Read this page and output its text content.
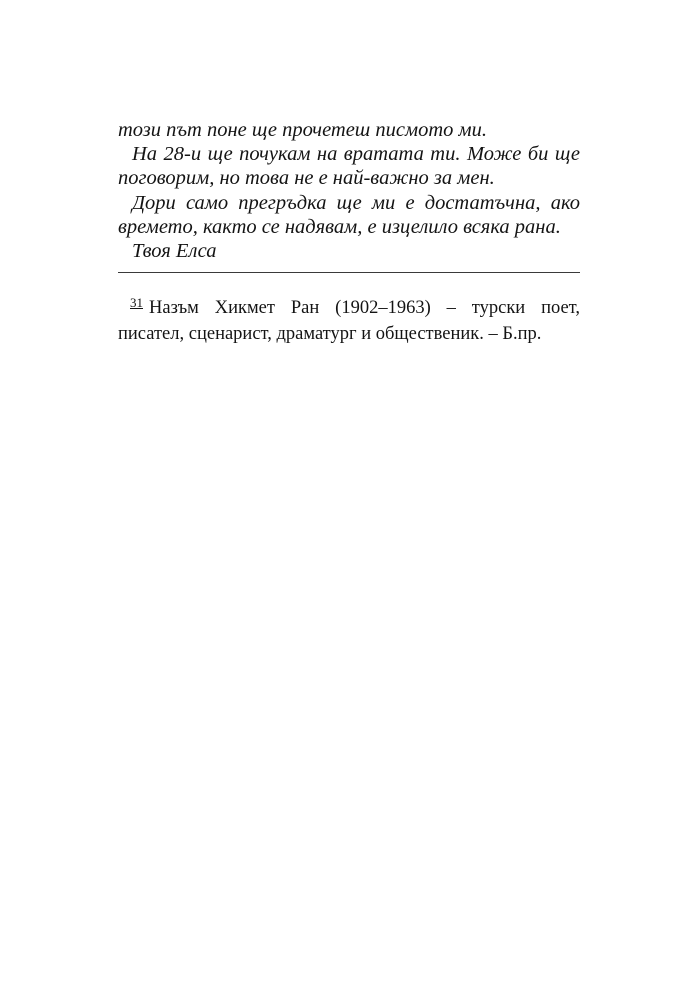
този път поне ще прочетеш писмото ми.

На 28-и ще почукам на вратата ти. Може би ще поговорим, но това не е най-важно за мен.

Дори само прегръдка ще ми е достатъчна, ако времето, както се надявам, е изцелило всяка рана.

Твоя Елса

$^{31}$ Назъм Хикмет Ран (1902–1963) – турски поет, писател, сценарист, драматург и общественик. – Б.пр.
